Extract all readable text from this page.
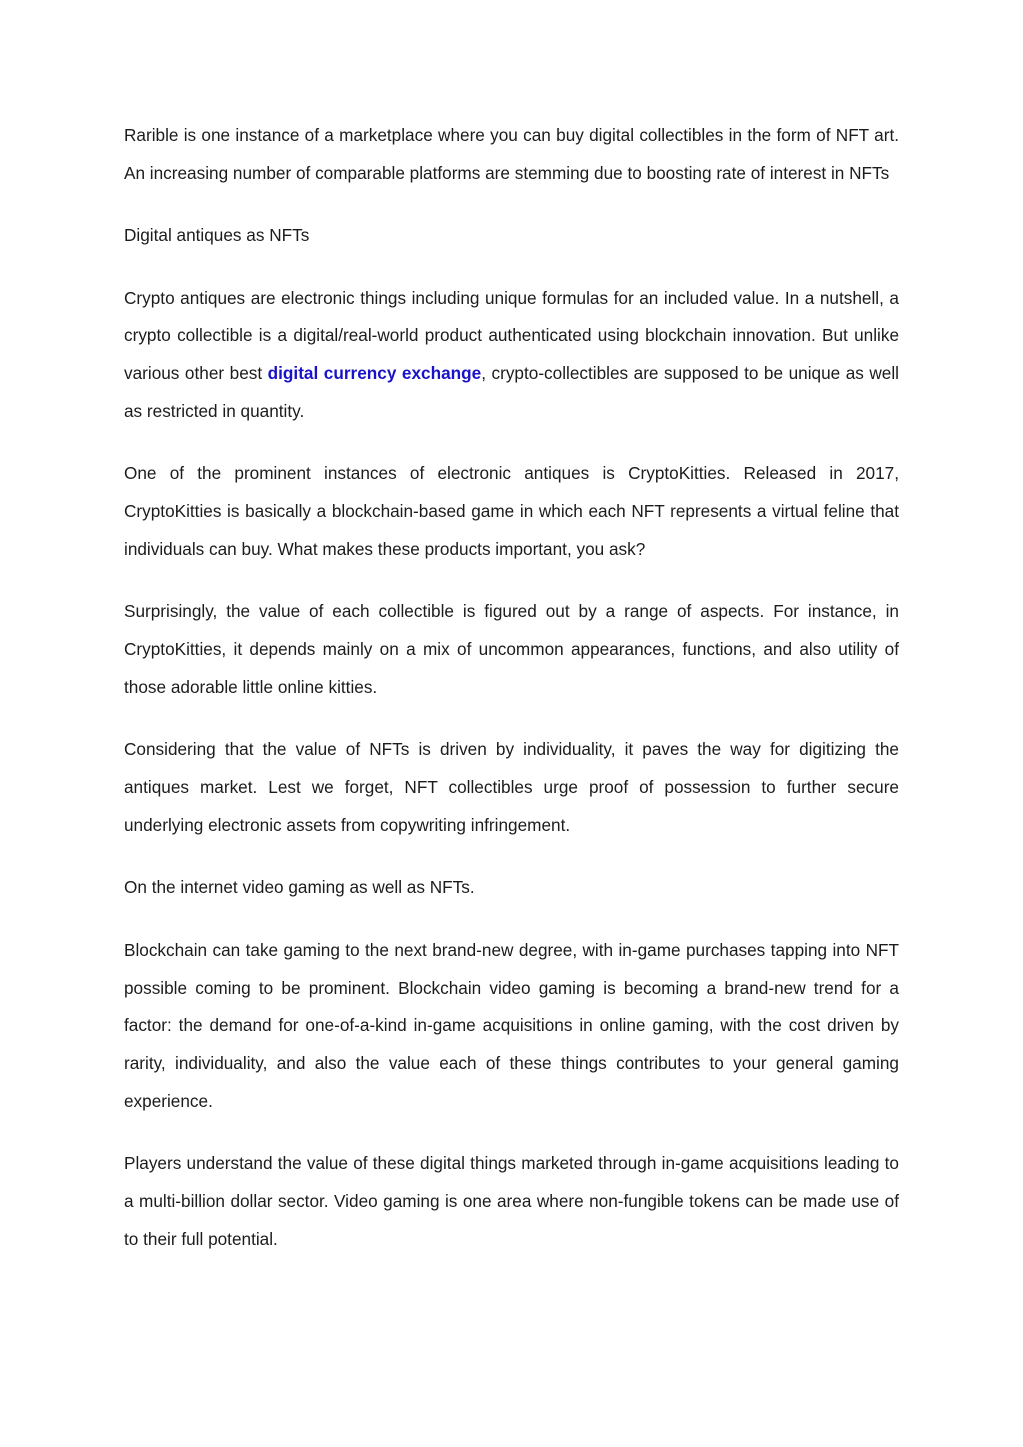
Rarible is one instance of a marketplace where you can buy digital collectibles in the form of NFT art. An increasing number of comparable platforms are stemming due to boosting rate of interest in NFTs

Digital antiques as NFTs

Crypto antiques are electronic things including unique formulas for an included value. In a nutshell, a crypto collectible is a digital/real-world product authenticated using blockchain innovation. But unlike various other best digital currency exchange, crypto-collectibles are supposed to be unique as well as restricted in quantity.

One of the prominent instances of electronic antiques is CryptoKitties. Released in 2017, CryptoKitties is basically a blockchain-based game in which each NFT represents a virtual feline that individuals can buy. What makes these products important, you ask?

Surprisingly, the value of each collectible is figured out by a range of aspects. For instance, in CryptoKitties, it depends mainly on a mix of uncommon appearances, functions, and also utility of those adorable little online kitties.

Considering that the value of NFTs is driven by individuality, it paves the way for digitizing the antiques market. Lest we forget, NFT collectibles urge proof of possession to further secure underlying electronic assets from copywriting infringement.

On the internet video gaming as well as NFTs.

Blockchain can take gaming to the next brand-new degree, with in-game purchases tapping into NFT possible coming to be prominent. Blockchain video gaming is becoming a brand-new trend for a factor: the demand for one-of-a-kind in-game acquisitions in online gaming, with the cost driven by rarity, individuality, and also the value each of these things contributes to your general gaming experience.

Players understand the value of these digital things marketed through in-game acquisitions leading to a multi-billion dollar sector. Video gaming is one area where non-fungible tokens can be made use of to their full potential.
